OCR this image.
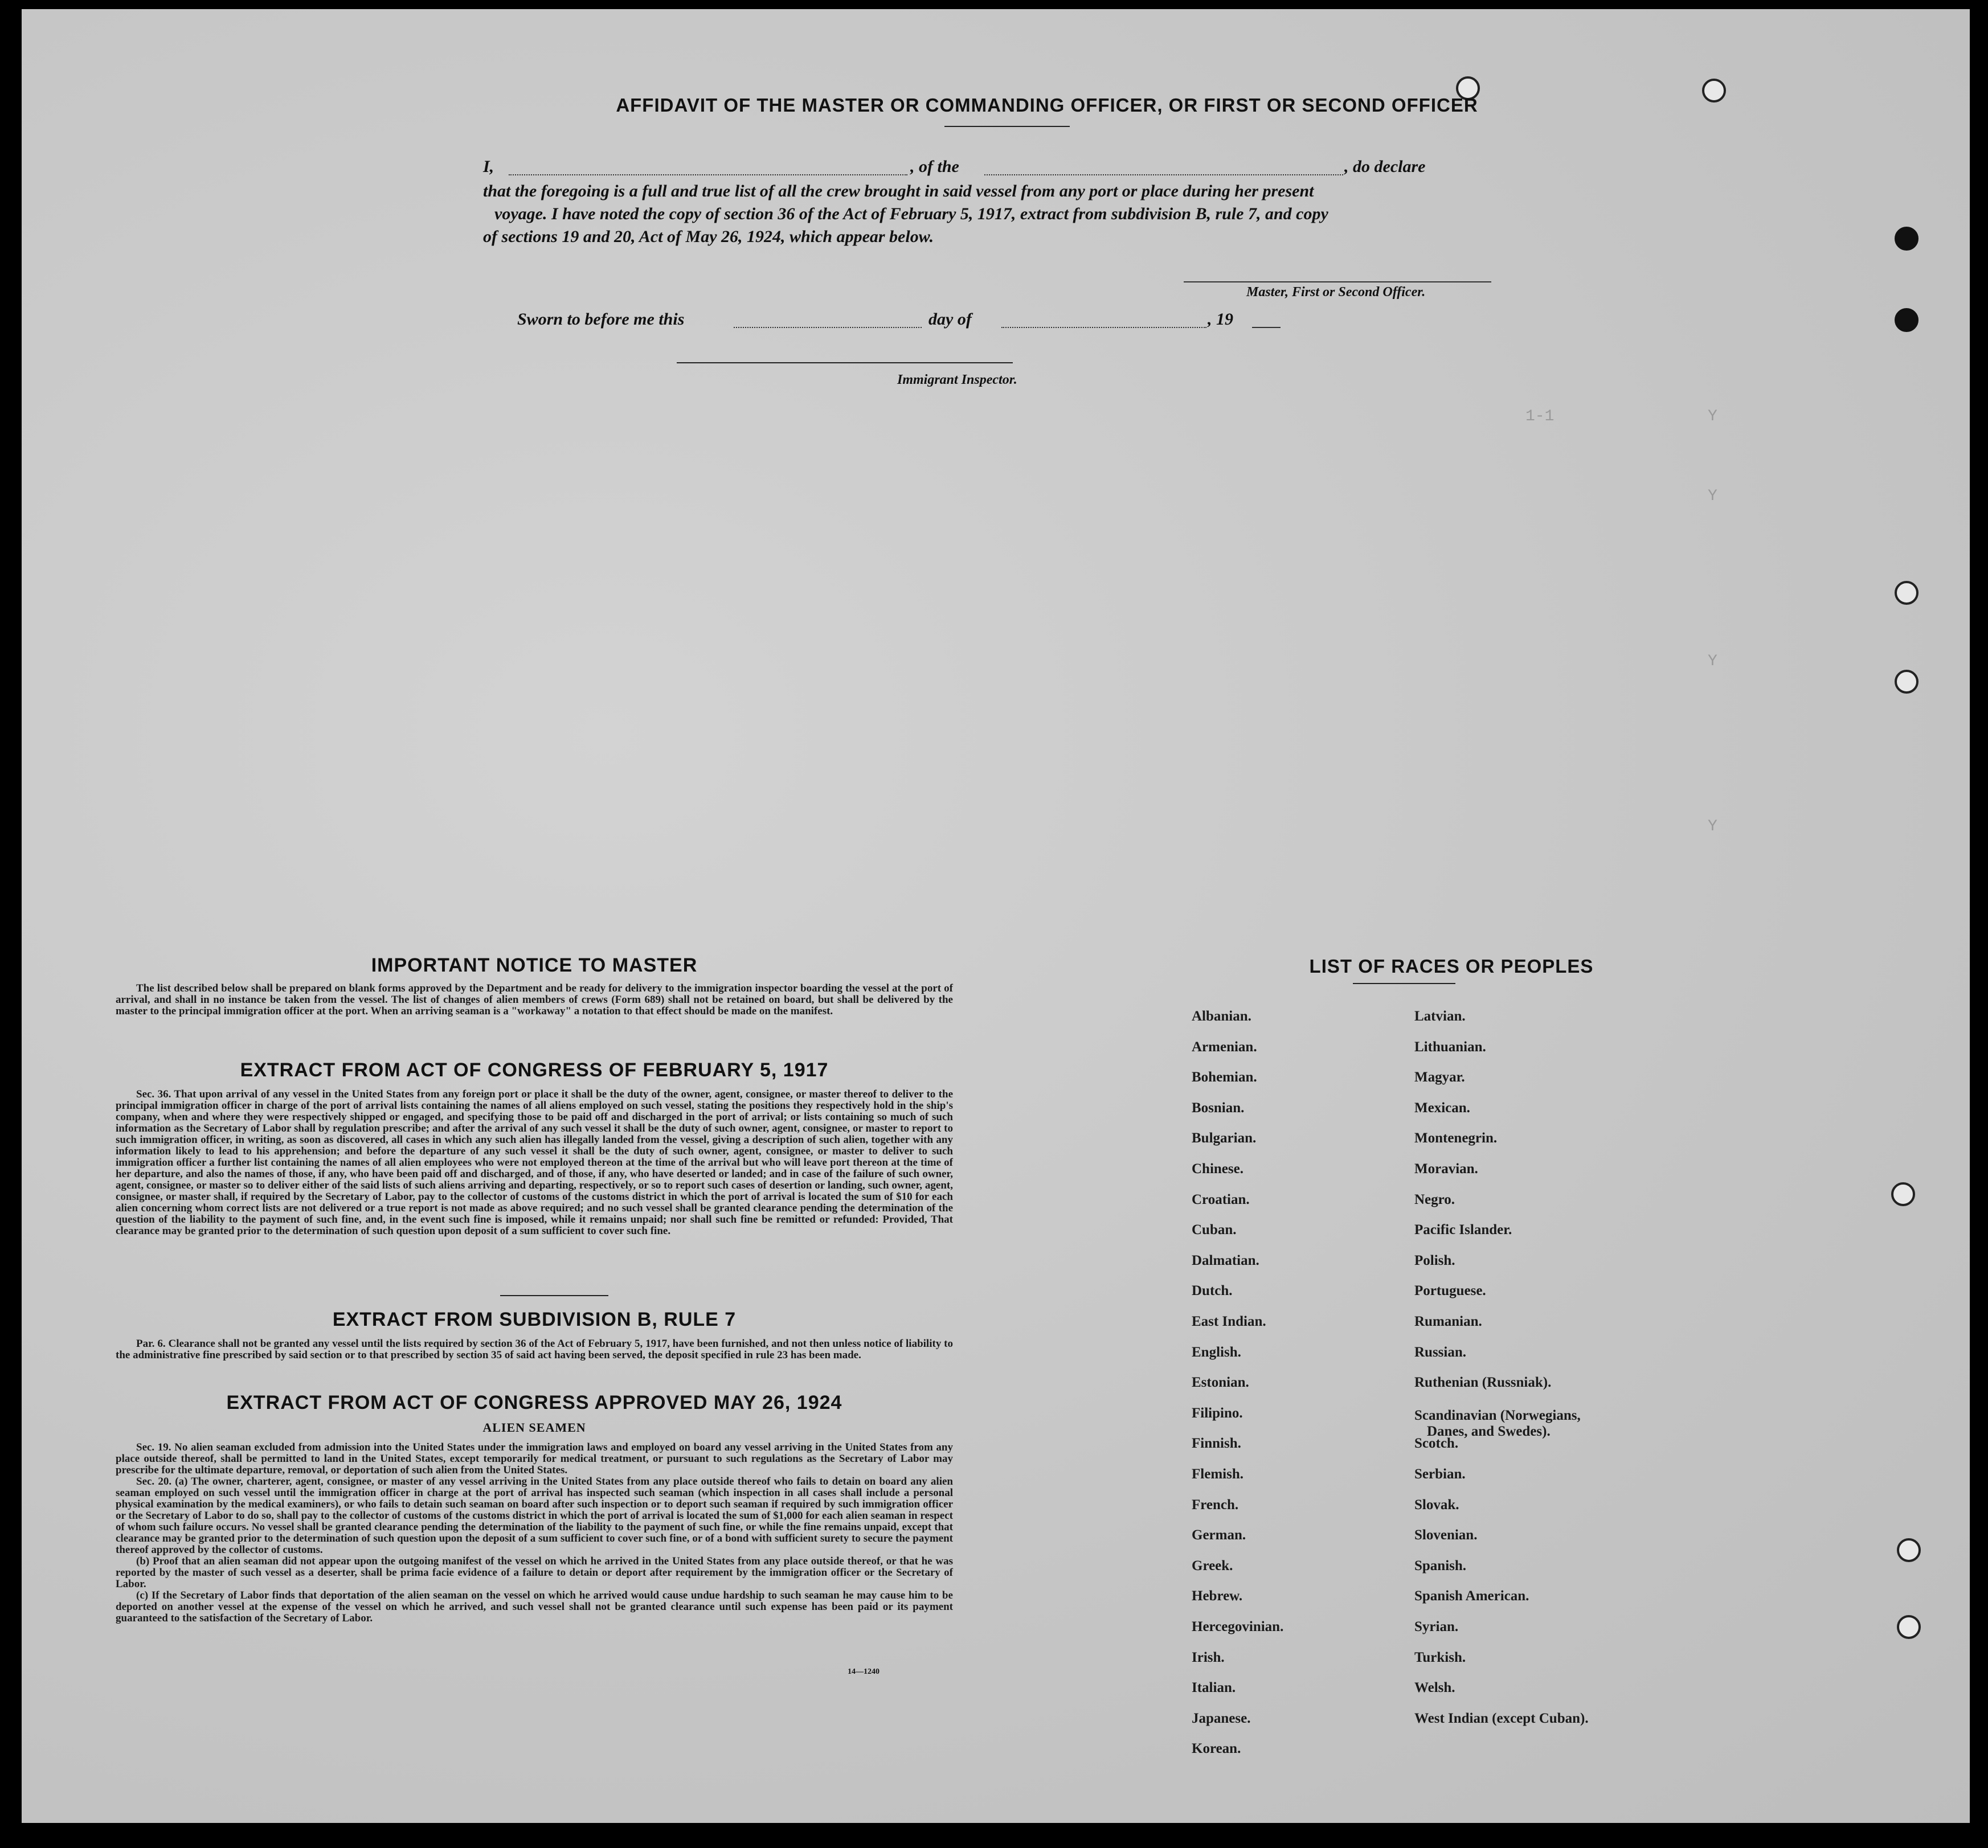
AFFIDAVIT OF THE MASTER OR COMMANDING OFFICER, OR FIRST OR SECOND OFFICER
I,	, of the	, do declare
that the foregoing is a full and true list of all the crew brought in said vessel from any port or place during her present
voyage. I have noted the copy of section 36 of the Act of February 5, 1917, extract from subdivision B, rule 7, and copy
of sections 19 and 20, Act of May 26, 1924, which appear below.
Master, First or Second Officer.
Sworn to before me this	day of	, 19
Immigrant Inspector.
1-1	Y
Y
Y
Y
IMPORTANT NOTICE TO MASTER

The list described below shall be prepared on blank forms approved by the Department and be ready for delivery to the immigration inspector boarding the vessel at the port of arrival, and shall in no instance be taken from the vessel. The list of changes of alien members of crews (Form 689) shall not be retained on board, but shall be delivered by the master to the principal immigration officer at the port. When an arriving seaman is a "workaway" a notation to that effect should be made on the manifest.

EXTRACT FROM ACT OF CONGRESS OF FEBRUARY 5, 1917

Sec. 36. That upon arrival of any vessel in the United States from any foreign port or place it shall be the duty of the owner, agent, consignee, or master thereof to deliver to the principal immigration officer in charge of the port of arrival lists containing the names of all aliens employed on such vessel, stating the positions they respectively hold in the ship's company, when and where they were respectively shipped or engaged, and specifying those to be paid off and discharged in the port of arrival; or lists containing so much of such information as the Secretary of Labor shall by regulation prescribe; and after the arrival of any such vessel it shall be the duty of such owner, agent, consignee, or master to report to such immigration officer, in writing, as soon as discovered, all cases in which any such alien has illegally landed from the vessel, giving a description of such alien, together with any information likely to lead to his apprehension; and before the departure of any such vessel it shall be the duty of such owner, agent, consignee, or master to deliver to such immigration officer a further list containing the names of all alien employees who were not employed thereon at the time of the arrival but who will leave port thereon at the time of her departure, and also the names of those, if any, who have been paid off and discharged, and of those, if any, who have deserted or landed; and in case of the failure of such owner, agent, consignee, or master so to deliver either of the said lists of such aliens arriving and departing, respectively, or so to report such cases of desertion or landing, such owner, agent, consignee, or master shall, if required by the Secretary of Labor, pay to the collector of customs of the customs district in which the port of arrival is located the sum of $10 for each alien concerning whom correct lists are not delivered or a true report is not made as above required; and no such vessel shall be granted clearance pending the determination of the question of the liability to the payment of such fine, and, in the event such fine is imposed, while it remains unpaid; nor shall such fine be remitted or refunded: Provided, That clearance may be granted prior to the determination of such question upon deposit of a sum sufficient to cover such fine.

EXTRACT FROM SUBDIVISION B, RULE 7

Par. 6. Clearance shall not be granted any vessel until the lists required by section 36 of the Act of February 5, 1917, have been furnished, and not then unless notice of liability to the administrative fine prescribed by said section or to that prescribed by section 35 of said act having been served, the deposit specified in rule 23 has been made.

EXTRACT FROM ACT OF CONGRESS APPROVED MAY 26, 1924
ALIEN SEAMEN

Sec. 19. No alien seaman excluded from admission into the United States under the immigration laws and employed on board any vessel arriving in the United States from any place outside thereof, shall be permitted to land in the United States, except temporarily for medical treatment, or pursuant to such regulations as the Secretary of Labor may prescribe for the ultimate departure, removal, or deportation of such alien from the United States.

Sec. 20. (a) The owner, charterer, agent, consignee, or master of any vessel arriving in the United States from any place outside thereof who fails to detain on board any alien seaman employed on such vessel until the immigration officer in charge at the port of arrival has inspected such seaman (which inspection in all cases shall include a personal physical examination by the medical examiners), or who fails to detain such seaman on board after such inspection or to deport such seaman if required by such immigration officer or the Secretary of Labor to do so, shall pay to the collector of customs of the customs district in which the port of arrival is located the sum of $1,000 for each alien seaman in respect of whom such failure occurs. No vessel shall be granted clearance pending the determination of the liability to the payment of such fine, or while the fine remains unpaid, except that clearance may be granted prior to the determination of such question upon the deposit of a sum sufficient to cover such fine, or of a bond with sufficient surety to secure the payment thereof approved by the collector of customs.

(b) Proof that an alien seaman did not appear upon the outgoing manifest of the vessel on which he arrived in the United States from any place outside thereof, or that he was reported by the master of such vessel as a deserter, shall be prima facie evidence of a failure to detain or deport after requirement by the immigration officer or the Secretary of Labor.

(c) If the Secretary of Labor finds that deportation of the alien seaman on the vessel on which he arrived would cause undue hardship to such seaman he may cause him to be deported on another vessel at the expense of the vessel on which he arrived, and such vessel shall not be granted clearance until such expense has been paid or its payment guaranteed to the satisfaction of the Secretary of Labor.

14—1240
LIST OF RACES OR PEOPLES
Albanian.
Armenian.
Bohemian.
Bosnian.
Bulgarian.
Chinese.
Croatian.
Cuban.
Dalmatian.
Dutch.
East Indian.
English.
Estonian.
Filipino.
Finnish.
Flemish.
French.
German.
Greek.
Hebrew.
Hercegovinian.
Irish.
Italian.
Japanese.
Korean.
Latvian.
Lithuanian.
Magyar.
Mexican.
Montenegrin.
Moravian.
Negro.
Pacific Islander.
Polish.
Portuguese.
Rumanian.
Russian.
Ruthenian (Russniak).
Scandinavian (Norwegians,
Danes, and Swedes).
Scotch.
Serbian.
Slovak.
Slovenian.
Spanish.
Spanish American.
Syrian.
Turkish.
Welsh.
West Indian (except Cuban).
